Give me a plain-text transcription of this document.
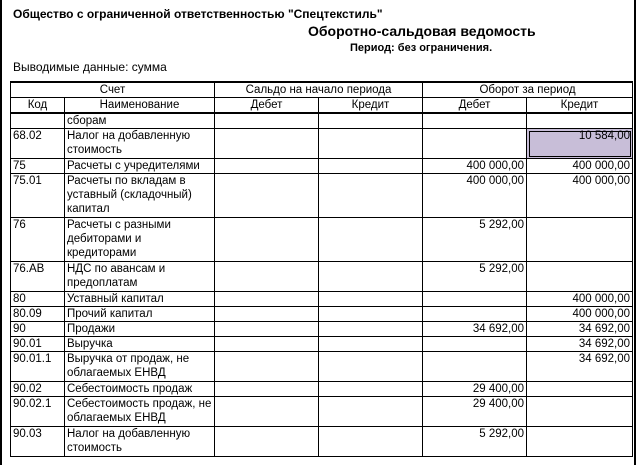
Общество с ограниченной ответственностью "Спецтекстиль"
Оборотно-сальдовая ведомость
Период: без ограничения.
Выводимые данные: сумма
Счет		Сальдо на начало периода		Оборот за период	
Код	Наименование	Дебет	Кредит	Дебет	Кредит
	сборам				
68.02	Налог на добавленную стоимость				10 584,00
75	Расчеты с учредителями			400 000,00	400 000,00
75.01	Расчеты по вкладам в уставный (складочный) капитал			400 000,00	400 000,00
76	Расчеты с разными дебиторами и кредиторами			5 292,00	
76.АВ	НДС по авансам и предоплатам			5 292,00	
80	Уставный капитал				400 000,00
80.09	Прочий капитал				400 000,00
90	Продажи			34 692,00	34 692,00
90.01	Выручка				34 692,00
90.01.1	Выручка от продаж, не облагаемых ЕНВД				34 692,00
90.02	Себестоимость продаж			29 400,00	
90.02.1	Себестоимость продаж, не облагаемых ЕНВД			29 400,00	
90.03	Налог на добавленную стоимость			5 292,00	
